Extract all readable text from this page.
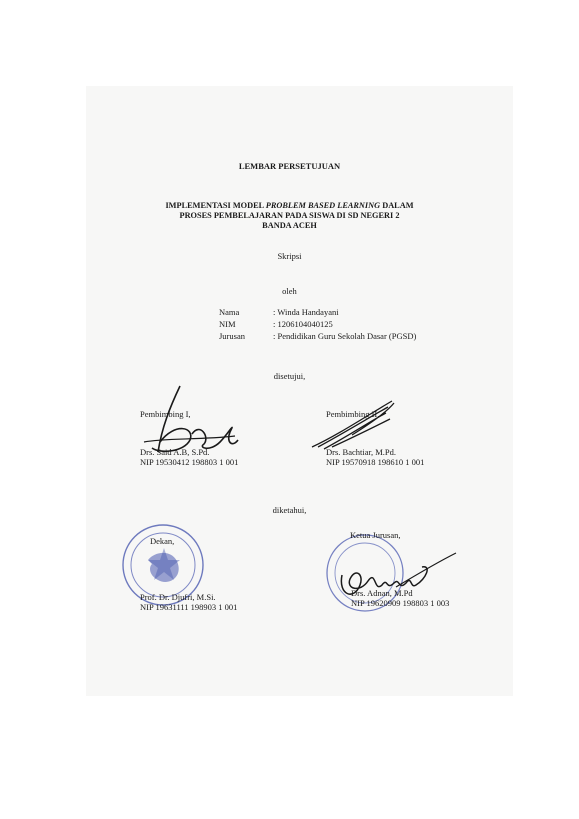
LEMBAR PERSETUJUAN
IMPLEMENTASI MODEL PROBLEM BASED LEARNING DALAM
PROSES PEMBELAJARAN PADA SISWA DI SD NEGERI 2
BANDA ACEH
Skripsi
oleh
Nama	: Winda Handayani
NIM	: 1206104040125
Jurusan	: Pendidikan Guru Sekolah Dasar (PGSD)
disetujui,
Pembimbing I,
Drs. Said A.B, S.Pd.
NIP 19530412 198803 1 001
Pembimbing II,
Drs. Bachtiar, M.Pd.
NIP 19570918 198610 1 001
diketahui,
Dekan,
Prof. Dr. Djufri, M.Si.
NIP 19631111 198903 1 001
Ketua Jurusan,
Drs. Adnan, M.Pd
NIP 19620909 198803 1 003
